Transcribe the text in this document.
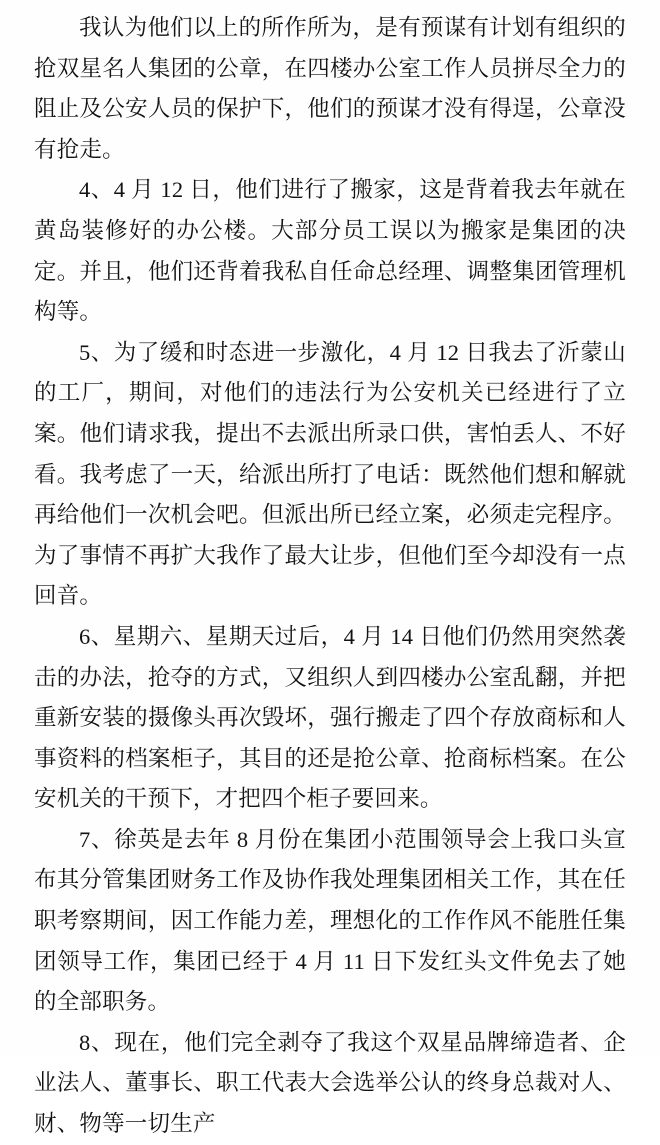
我认为他们以上的所作所为，是有预谋有计划有组织的抢双星名人集团的公章，在四楼办公室工作人员拼尽全力的阻止及公安人员的保护下，他们的预谋才没有得逞，公章没有抢走。

4、4 月 12 日，他们进行了搬家，这是背着我去年就在黄岛装修好的办公楼。大部分员工误以为搬家是集团的决定。并且，他们还背着我私自任命总经理、调整集团管理机构等。

5、为了缓和时态进一步激化，4 月 12 日我去了沂蒙山的工厂，期间，对他们的违法行为公安机关已经进行了立案。他们请求我，提出不去派出所录口供，害怕丢人、不好看。我考虑了一天，给派出所打了电话：既然他们想和解就再给他们一次机会吧。但派出所已经立案，必须走完程序。为了事情不再扩大我作了最大让步，但他们至今却没有一点回音。

6、星期六、星期天过后，4 月 14 日他们仍然用突然袭击的办法，抢夺的方式，又组织人到四楼办公室乱翻，并把重新安装的摄像头再次毁坏，强行搬走了四个存放商标和人事资料的档案柜子，其目的还是抢公章、抢商标档案。在公安机关的干预下，才把四个柜子要回来。

7、徐英是去年 8 月份在集团小范围领导会上我口头宣布其分管集团财务工作及协作我处理集团相关工作，其在任职考察期间，因工作能力差，理想化的工作作风不能胜任集团领导工作，集团已经于 4 月 11 日下发红头文件免去了她的全部职务。

8、现在，他们完全剥夺了我这个双星品牌缔造者、企业法人、董事长、职工代表大会选举公认的终身总裁对人、财、物等一切生产
